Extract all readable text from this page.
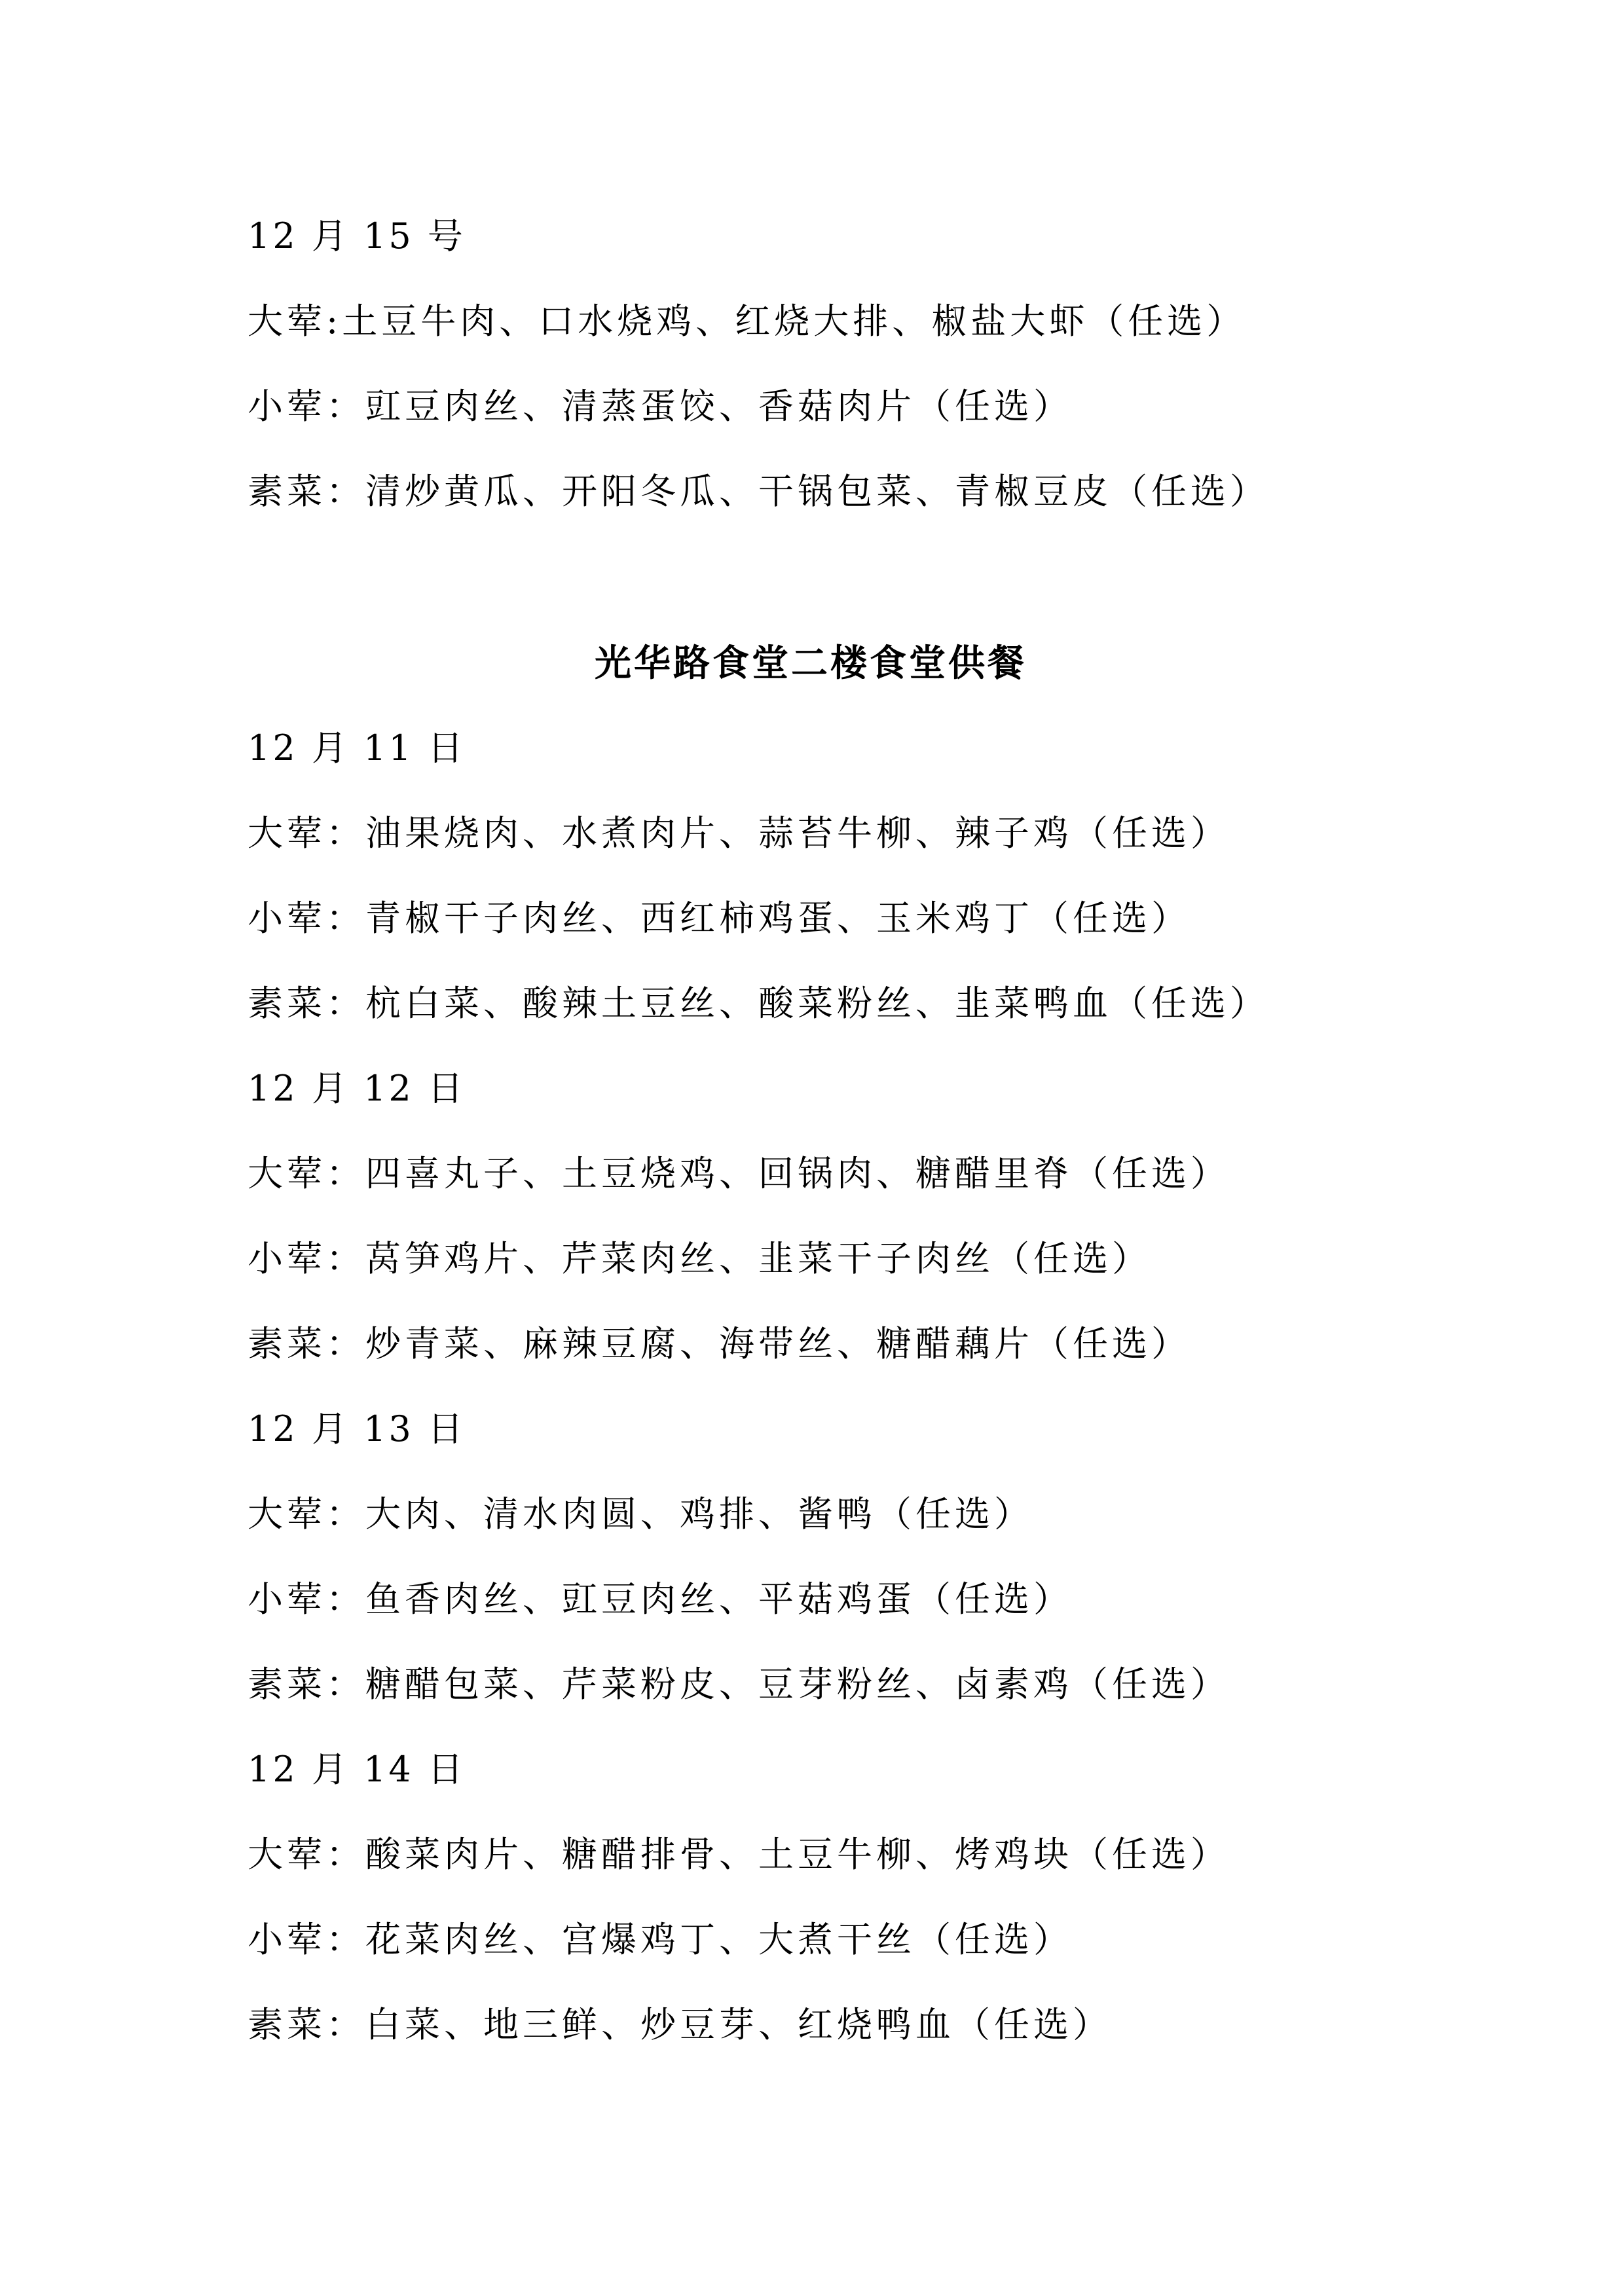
12 月 15 号
大荤:土豆牛肉、口水烧鸡、红烧大排、椒盐大虾（任选）
小荤：豇豆肉丝、清蒸蛋饺、香菇肉片（任选）
素菜：清炒黄瓜、开阳冬瓜、干锅包菜、青椒豆皮（任选）
光华路食堂二楼食堂供餐
12 月 11 日
大荤：油果烧肉、水煮肉片、蒜苔牛柳、辣子鸡（任选）
小荤：青椒干子肉丝、西红柿鸡蛋、玉米鸡丁（任选）
素菜：杭白菜、酸辣土豆丝、酸菜粉丝、韭菜鸭血（任选）
12 月 12 日
大荤：四喜丸子、土豆烧鸡、回锅肉、糖醋里脊（任选）
小荤：莴笋鸡片、芹菜肉丝、韭菜干子肉丝（任选）
素菜：炒青菜、麻辣豆腐、海带丝、糖醋藕片（任选）
12 月 13 日
大荤：大肉、清水肉圆、鸡排、酱鸭（任选）
小荤：鱼香肉丝、豇豆肉丝、平菇鸡蛋（任选）
素菜：糖醋包菜、芹菜粉皮、豆芽粉丝、卤素鸡（任选）
12 月 14 日
大荤：酸菜肉片、糖醋排骨、土豆牛柳、烤鸡块（任选）
小荤：花菜肉丝、宫爆鸡丁、大煮干丝（任选）
素菜：白菜、地三鲜、炒豆芽、红烧鸭血（任选）
